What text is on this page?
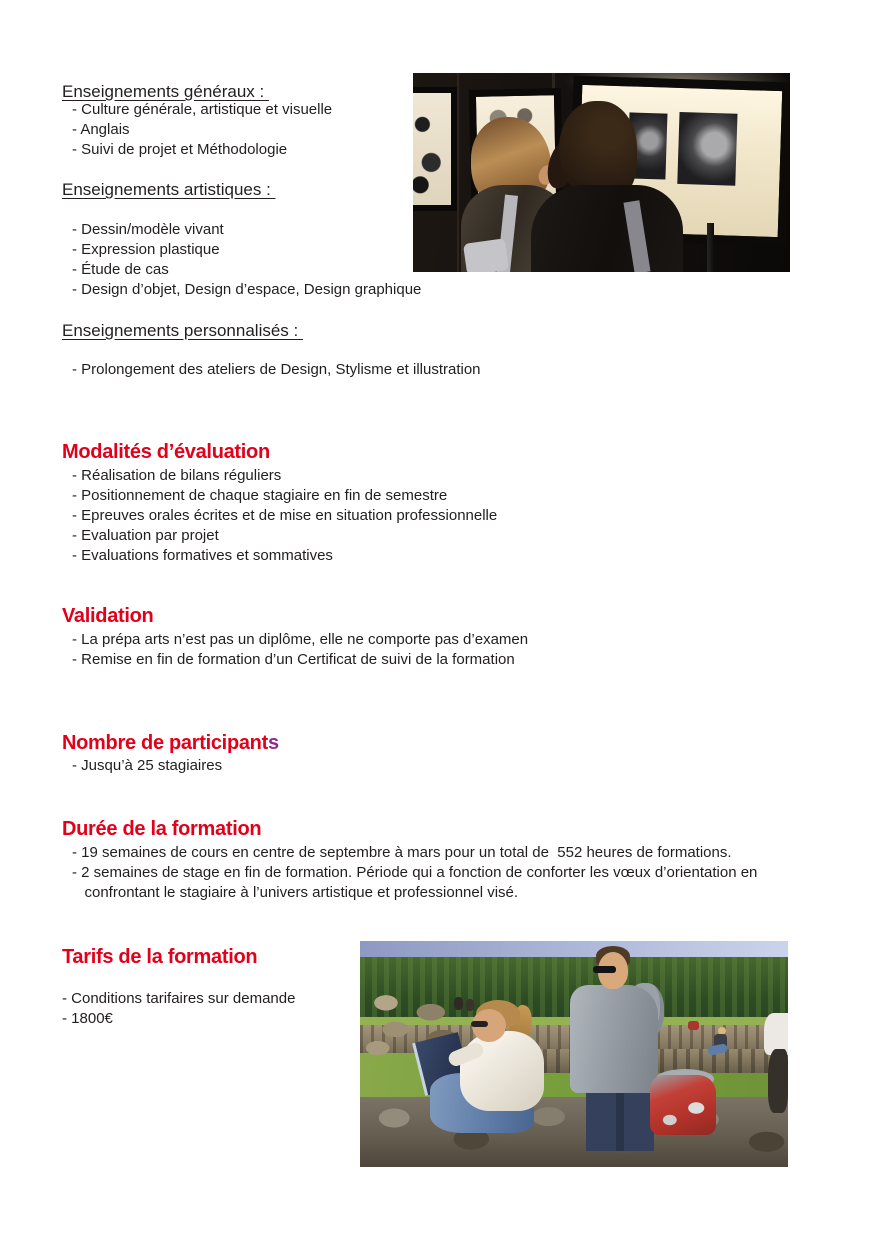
Enseignements généraux :
- Culture générale, artistique et visuelle
- Anglais
- Suivi de projet et Méthodologie
Enseignements artistiques :
- Dessin/modèle vivant
- Expression plastique
- Étude de cas
- Design d’objet, Design d’espace, Design graphique
Enseignements personnalisés :
- Prolongement des ateliers de Design, Stylisme et illustration
Modalités d’évaluation
- Réalisation de bilans réguliers
- Positionnement de chaque stagiaire en fin de semestre
- Epreuves orales écrites et de mise en situation professionnelle
- Evaluation par projet
- Evaluations formatives et sommatives
Validation
- La prépa arts n’est pas un diplôme, elle ne comporte pas d’examen
- Remise en fin de formation d’un Certificat de suivi de la formation
Nombre de participants
- Jusqu’à 25 stagiaires
Durée de la formation
- 19 semaines de cours en centre de septembre à mars pour un total de  552 heures de formations.
- 2 semaines de stage en fin de formation. Période qui a fonction de conforter les vœux d’orientation en
confrontant le stagiaire à l’univers artistique et professionnel visé.
Tarifs de la formation
- Conditions tarifaires sur demande
- 1800€
